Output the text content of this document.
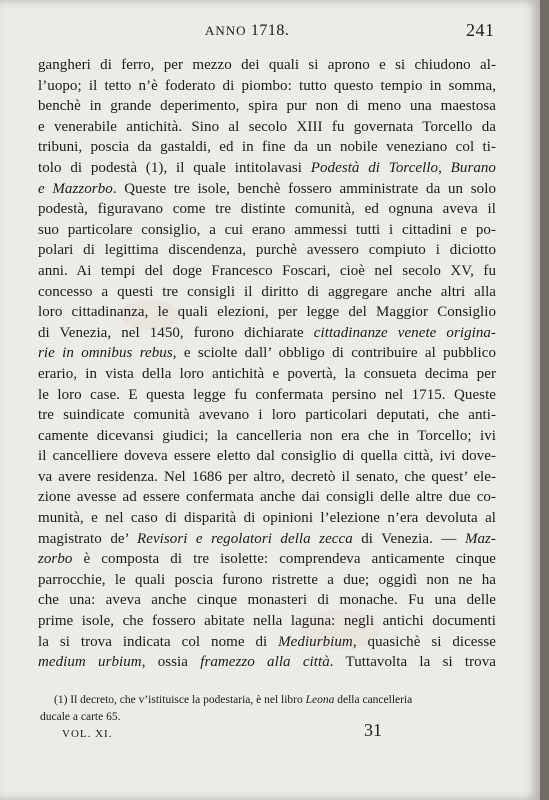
ANNO 1718.	241
gangheri di ferro, per mezzo dei quali si aprono e si chiudono al-
l’uopo; il tetto n’è foderato di piombo: tutto questo tempio in somma,
benchè in grande deperimento, spira pur non di meno una maestosa
e venerabile antichità. Sino al secolo XIII fu governata Torcello da
tribuni, poscia da gastaldi, ed in fine da un nobile veneziano col ti-
tolo di podestà (1), il quale intitolavasi Podestà di Torcello, Burano
e Mazzorbo. Queste tre isole, benchè fossero amministrate da un solo
podestà, figuravano come tre distinte comunità, ed ognuna aveva il
suo particolare consiglio, a cui erano ammessi tutti i cittadini e po-
polari di legittima discendenza, purchè avessero compiuto i diciotto
anni. Ai tempi del doge Francesco Foscari, cioè nel secolo XV, fu
concesso a questi tre consigli il diritto di aggregare anche altri alla
loro cittadinanza, le quali elezioni, per legge del Maggior Consiglio
di Venezia, nel 1450, furono dichiarate cittadinanze venete origina-
rie in omnibus rebus, e sciolte dall’ obbligo di contribuire al pubblico
erario, in vista della loro antichità e povertà, la consueta decima per
le loro case. E questa legge fu confermata persino nel 1715. Queste
tre suindicate comunità avevano i loro particolari deputati, che anti-
camente dicevansi giudici; la cancelleria non era che in Torcello; ivi
il cancelliere doveva essere eletto dal consiglio di quella città, ivi dove-
va avere residenza. Nel 1686 per altro, decretò il senato, che quest’ ele-
zione avesse ad essere confermata anche dai consigli delle altre due co-
munità, e nel caso di disparità di opinioni l’elezione n’era devoluta al
magistrato de’ Revisori e regolatori della zecca di Venezia. — Maz-
zorbo è composta di tre isolette: comprendeva anticamente cinque
parrocchie, le quali poscia furono ristrette a due; oggidì non ne ha
che una: aveva anche cinque monasteri di monache. Fu una delle
prime isole, che fossero abitate nella laguna: negli antichi documenti
la si trova indicata col nome di Mediurbium, quasichè si dicesse
medium urbium, ossia framezzo alla città. Tuttavolta la si trova
(1) Il decreto, che v’istituisce la podestaria, è nel libro Leona della cancelleria
ducale a carte 65.
VOL. XI.	31
